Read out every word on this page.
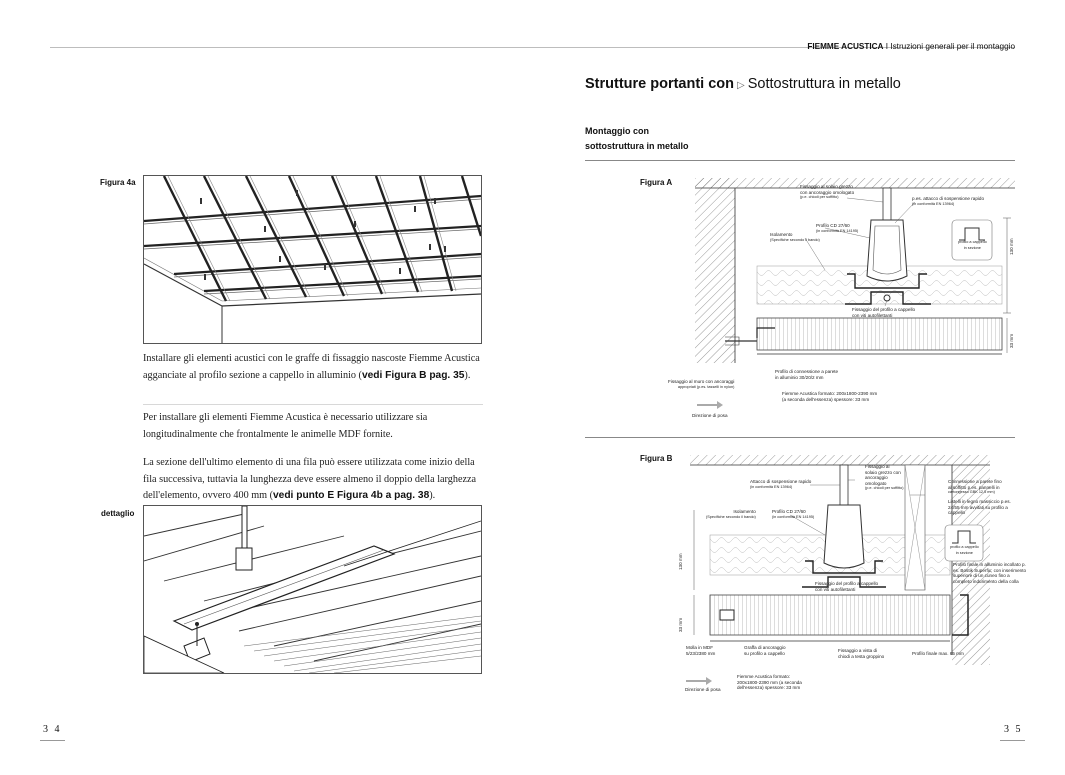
FIEMME ACUSTICA I Istruzioni generali per il montaggio
Strutture portanti con ▷ Sottostruttura in metallo
Montaggio con
sottostruttura in metallo
Figura 4a
Installare gli elementi acustici con le graffe di fissaggio nascoste Fiemme Acustica agganciate al profilo sezione a cappello in alluminio (vedi Figura B pag. 35).
Per installare gli elementi Fiemme Acustica è necessario utilizzare sia longitudinalmente che frontalmente le animelle MDF fornite.
La sezione dell'ultimo elemento di una fila può essere utilizzata come inizio della fila successiva, tuttavia la lunghezza deve essere almeno il doppio della larghezza dell'elemento, ovvero 400 mm (vedi punto E Figura 4b a pag. 38).
dettaglio
3 4
Figura A	Fissaggio al solaio grezzo
con ancoraggio omologato
(p.e. chiodi per soffitto)	p.es. attacco di sospensione rapido
(in conformità EN 13964)
Profilo CD 27/60
(in conformità EN 14195)
Isolamento
(Specifiche secondo il bando)
profilo a cappello
in sezione	130 mm
33 mm
Fissaggio del profilo a cappello
con viti autofilettanti
Profilo di connessione a parete
in alluminio 30/20/2 mm
Fissaggio al muro con ancoraggi
appropriati (p.es. tasselli in nylon)
Fiemme Acustica formato: 200x1800-2390 mm
(a seconda dell'essenza) spessore: 33 mm
Direzione di posa
Figura B
Fissaggio al
solaio grezzo con
ancoraggio
omologato
(p.e. chiodi per soffitto)
Attacco di sospensione rapido
(in conformità EN 13964)
Connessione a parete fino
al soffitto p.es. pannelli in
cartongesso GBK 12,5 mm)
Listelli in legno massiccio p.es.
24/55 mm avvitati su profilo a
cappello
Isolamento
(Specifiche secondo il bando)
Profilo CD 27/60
(in conformità EN 14195)
profilo a cappello
in sezione
Profilo finale in alluminio incollato p.
es. Bostik Superfix; con inserimento
superiore di un cuneo fino a
completo indurimento della colla
130 mm
33 mm
Fissaggio del profilo a cappello
con viti autofilettanti
Molla in MDF
5/23/2380 mm
Graffa di ancoraggio
su profilo a cappello
Fissaggio a vista di
chiodi a testa groppino
Profilo finale max. 65 mm
Fiemme Acustica formato:
200x1800-2390 mm (a seconda
dell'essenza) spessore: 33 mm
Direzione di posa
3 5
